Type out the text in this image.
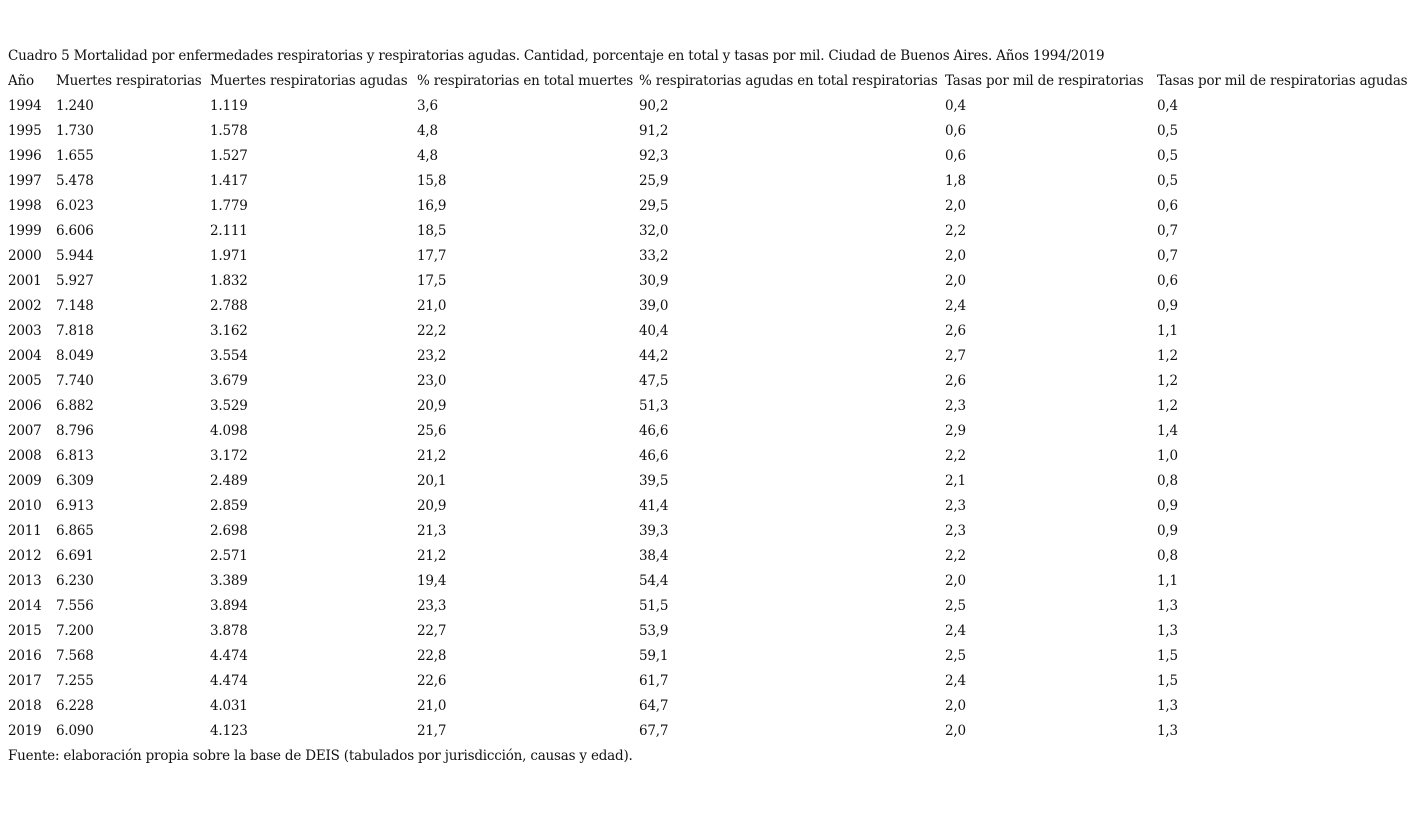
Cuadro 5 Mortalidad por enfermedades respiratorias y respiratorias agudas. Cantidad, porcentaje en total y tasas por mil. Ciudad de Buenos Aires. Años 1994/2019
Año	Muertes respiratorias	Muertes respiratorias agudas	% respiratorias en total muertes	% respiratorias agudas en total respiratorias	Tasas por mil de respiratorias	Tasas por mil de respiratorias agudas
1994	1.240	1.119	3,6	90,2	0,4	0,4
1995	1.730	1.578	4,8	91,2	0,6	0,5
1996	1.655	1.527	4,8	92,3	0,6	0,5
1997	5.478	1.417	15,8	25,9	1,8	0,5
1998	6.023	1.779	16,9	29,5	2,0	0,6
1999	6.606	2.111	18,5	32,0	2,2	0,7
2000	5.944	1.971	17,7	33,2	2,0	0,7
2001	5.927	1.832	17,5	30,9	2,0	0,6
2002	7.148	2.788	21,0	39,0	2,4	0,9
2003	7.818	3.162	22,2	40,4	2,6	1,1
2004	8.049	3.554	23,2	44,2	2,7	1,2
2005	7.740	3.679	23,0	47,5	2,6	1,2
2006	6.882	3.529	20,9	51,3	2,3	1,2
2007	8.796	4.098	25,6	46,6	2,9	1,4
2008	6.813	3.172	21,2	46,6	2,2	1,0
2009	6.309	2.489	20,1	39,5	2,1	0,8
2010	6.913	2.859	20,9	41,4	2,3	0,9
2011	6.865	2.698	21,3	39,3	2,3	0,9
2012	6.691	2.571	21,2	38,4	2,2	0,8
2013	6.230	3.389	19,4	54,4	2,0	1,1
2014	7.556	3.894	23,3	51,5	2,5	1,3
2015	7.200	3.878	22,7	53,9	2,4	1,3
2016	7.568	4.474	22,8	59,1	2,5	1,5
2017	7.255	4.474	22,6	61,7	2,4	1,5
2018	6.228	4.031	21,0	64,7	2,0	1,3
2019	6.090	4.123	21,7	67,7	2,0	1,3
Fuente: elaboración propia sobre la base de DEIS (tabulados por jurisdicción, causas y edad).
